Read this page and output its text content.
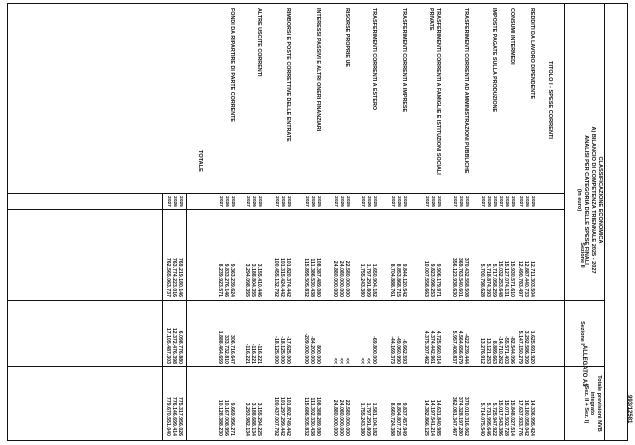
993/12581
CLASSIFICAZIONE ECONOMICA
A) BILANCIO DI COMPETENZA TRIENNALE 2025 - 2027
ANALISI PER CATEGORIA DELLE SPESE FINALI
(in euro)
ALLEGATO A3
Sezione II
Sezione I
Totale previsioni NVB
integrato
(Sez. II + Sez. I)
TITOLO I - SPESE CORRENTI
REDDITI DA LAVORO DIPENDENTE
2025
12.711.303.504
1.625.691.920
14.336.995.424
2026
12.887.440.733
3.292.586.309
16.180.058.042
2027
12.490.783.497
5.147.150.279
17.637.933.776
CONSUMI INTERMEDI
2025
15.930.571.610
-82.544.096
15.848.027.514
2026
15.127.074.131
-55.571.403
15.071.502.728
2027
15.032.253.648
-14.710.262
15.017.543.386
IMPOSTE PAGATE SULLA PRODUZIONE
2025
5.717.058.259
8.889.663
5.725.947.922
2026
5.718.874.393
13.121.253
5.731.995.646
2027
5.700.798.628
13.276.912
5.714.075.540
TRASFERIMENTI CORRENTI AD AMMINISTRAZIONI PUBBLICHE
2025
370.432.558.508
-422.239.444
370.010.316.062
2026
369.763.540.601
4.564.656.679
374.328.197.280
2027
356.123.938.630
5.957.408.837
362.081.347.467
TRASFERIMENTI CORRENTI A FAMIGLIE E ISTITUZIONI SOCIALI PRIVATE
2025
9.906.179.971
4.725.660.014
14.631.840.985
2026
9.823.098.253
4.374.442.961
14.197.541.214
2027
10.007.558.663
4.375.307.462
14.382.866.125
TRASFERIMENTI CORRENTI A IMPRESE
2025
9.844.120.542
-6.662.593
9.837.457.949
2026
8.853.868.715
-49.060.990
8.804.807.725
2027
8.704.888.761
-44.169.373
8.660.724.388
TRASFERIMENTI CORRENTI A ESTERO
2025
1.650.904.182
-69.800.000
1.581.104.182
2026
1.797.291.809
<<
1.797.291.809
2027
1.755.243.380
<<
1.755.243.380
RISORSE PROPRIE UE
2025
22.580.000.000
<<
22.580.000.000
2026
24.080.000.000
<<
24.080.000.000
2027
24.880.000.000
<<
24.880.000.000
INTERESSI PASSIVI E ALTRI ONERI FINANZIARI
2025
108.387.489.080
800.000
108.388.289.080
2026
111.386.530.438
-84.200.000
111.302.330.438
2027
115.895.505.832
-209.000.000
115.686.505.832
RIMBORSI E POSTE CORRETTIVE DELLE ENTRATE
2025
101.820.374.442
-17.625.000
101.802.749.442
2026
101.315.424.442
-18.125.000
101.297.299.442
2027
100.455.132.792
-18.125.000
100.437.007.792
ALTRE USCITE CORRENTI
2025
3.155.410.446
-116.221
3.155.294.225
2026
3.188.804.355
-116.221
3.188.688.134
2027
3.294.098.355
-116.221
3.293.982.134
FONDI DA RIPARTIRE DI PARTE CORRENTE
2025
9.363.239.624
306.716.647
9.669.956.271
2026
9.833.276.146
333.732.810
10.167.008.956
2027
8.239.923.571
1.888.464.659
10.128.388.230
TOTALE
2025
769.219.180.146
6.098.776.880
775.317.956.026
2026
763.774.223.016
12.372.476.398
776.146.699.414
2027
762.565.063.737
17.105.487.303
779.670.551.040
